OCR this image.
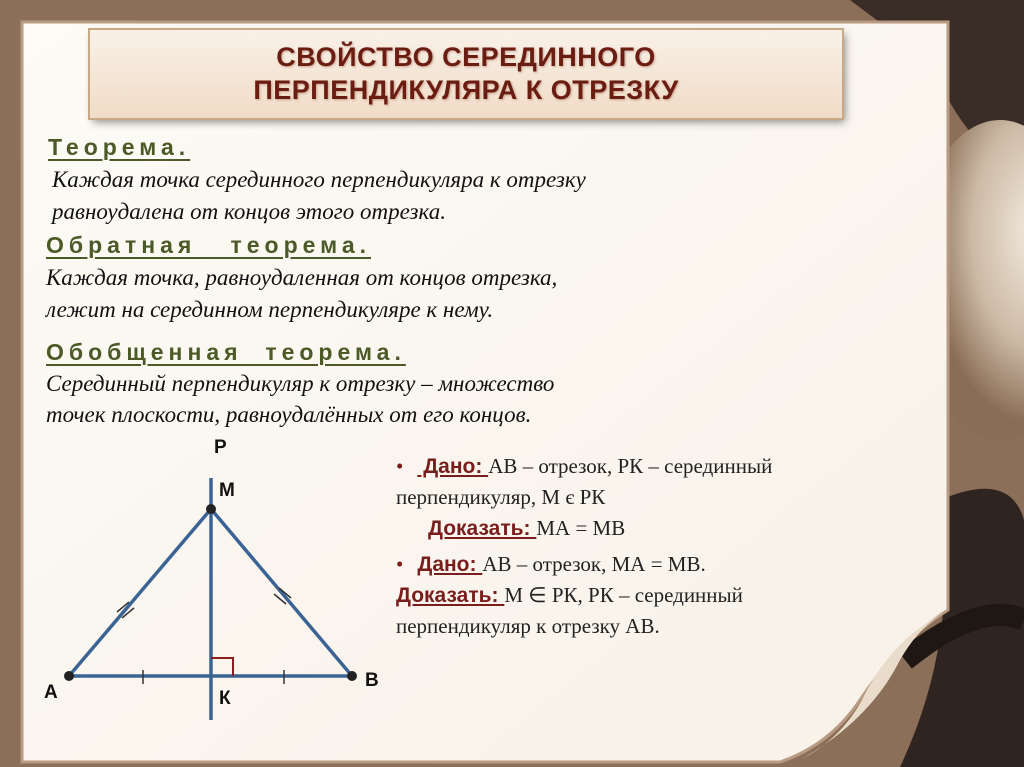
СВОЙСТВО СЕРЕДИННОГО
ПЕРПЕНДИКУЛЯРА К ОТРЕЗКУ
Теорема.
Каждая точка серединного перпендикуляра к отрезку
равноудалена от концов этого отрезка.
Обратная   теорема.
Каждая точка, равноудаленная от концов отрезка,
лежит на серединном перпендикуляре к нему.
Обобщенная  теорема.
Серединный перпендикуляр к отрезку – множество
точек плоскости, равноудалённых от его концов.
• Дано: АВ – отрезок, РК – серединный
перпендикуляр, М є РК
Доказать: МА = МВ
• Дано: АВ – отрезок, МА = МВ.
Доказать: М ∈ РК, РК – серединный
перпендикуляр к отрезку АВ.
Р
М
А
В
К
